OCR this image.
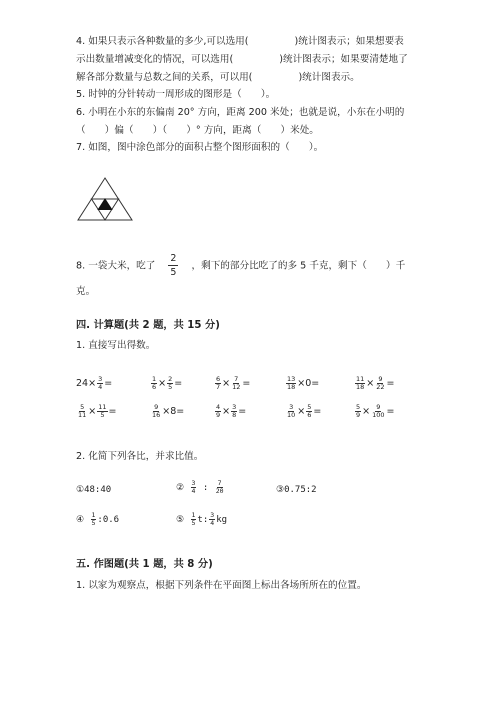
4. 如果只表示各种数量的多少,可以选用(	)统计图表示；如果想要表
示出数量增减变化的情况，可以选用(	)统计图表示；如果要清楚地了
解各部分数量与总数之间的关系，可以用(	)统计图表示。
5. 时钟的分针转动一周形成的图形是（　　）。
6. 小明在小东的东偏南 20° 方向，距离 200 米处；也就是说，小东在小明的
（　　）偏（　　）（　　）° 方向，距离（　　）米处。
7. 如图，图中涂色部分的面积占整个图形面积的（　　）。
8. 一袋大米，吃了 $\frac{2}{5}$ ，剩下的部分比吃了的多 5 千克，剩下（　　）千
克。
四. 计算题(共 2 题，共 15 分)
1. 直接写出得数。
$24\times \frac{3}{4}$ =	$\frac{1}{6} \times \frac{2}{5}$ =	$\frac{6}{7} \times \frac{7}{12}$ =	$\frac{13}{18} \times 0=$	$\frac{11}{18} \times \frac{9}{22}$ =
$\frac{5}{11} \times \frac{11}{5}$ =	$\frac{9}{16} \times 8=$	$\frac{4}{9} \times \frac{3}{8}$ =	$\frac{3}{10} \times \frac{5}{6}$ =	$\frac{5}{9} \times \frac{9}{100}$ =
2. 化简下列各比，并求比值。
①48:40	② $\frac{3}{4}$ : $\frac{7}{20}$	③0.75:2
④ $\frac{1}{5}$ :0.6	⑤ $\frac{1}{5} t$: $\frac{3}{4}$ kg
五. 作图题(共 1 题，共 8 分)
1. 以家为观察点，根据下列条件在平面图上标出各场所所在的位置。
